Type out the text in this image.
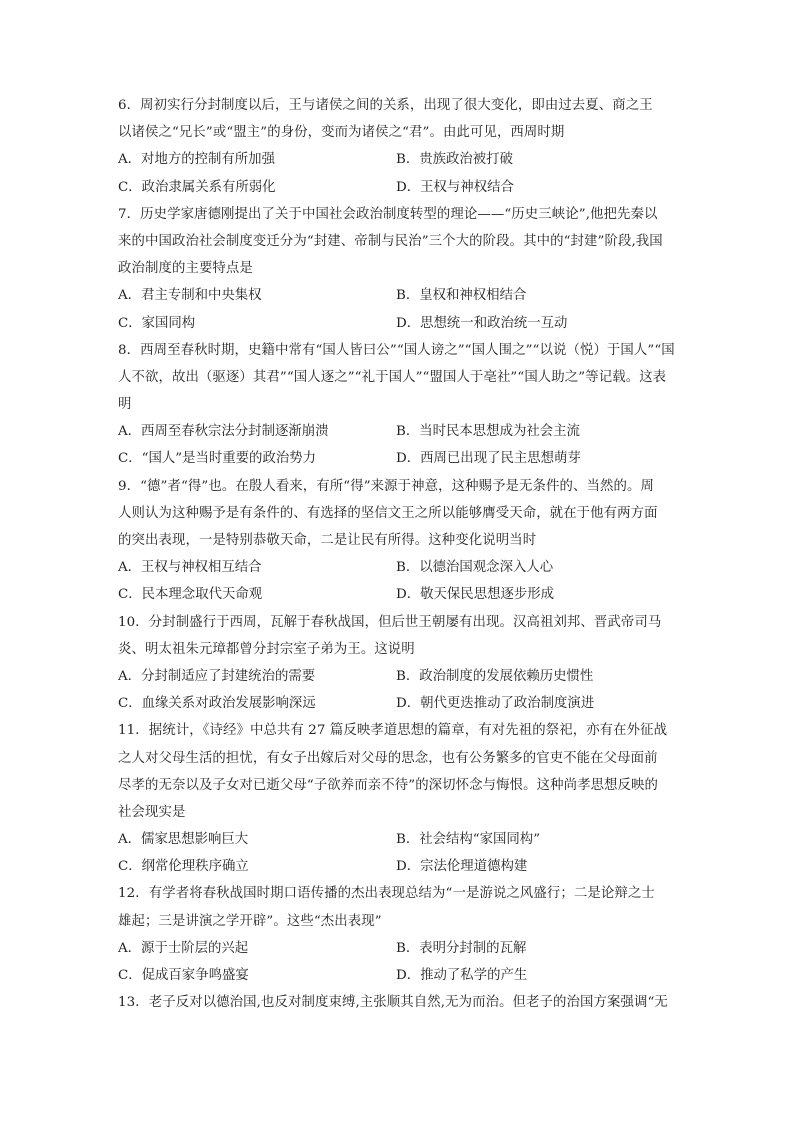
6．周初实行分封制度以后，王与诸侯之间的关系，出现了很大变化，即由过去夏、商之王
以诸侯之“兄长”或“盟主”的身份，变而为诸侯之“君”。由此可见，西周时期
A．对地方的控制有所加强	B．贵族政治被打破
C．政治隶属关系有所弱化	D．王权与神权结合
7．历史学家唐德刚提出了关于中国社会政治制度转型的理论——“历史三峡论”,他把先秦以
来的中国政治社会制度变迁分为“封建、帝制与民治”三个大的阶段。其中的“封建”阶段,我国
政治制度的主要特点是
A．君主专制和中央集权	B．皇权和神权相结合
C．家国同构	D．思想统一和政治统一互动
8．西周至春秋时期，史籍中常有“国人皆曰公”“国人谤之”“国人围之”“以说（悦）于国人”“国
人不欲，故出（驱逐）其君”“国人逐之”“礼于国人”“盟国人于亳社”“国人助之”等记载。这表
明
A．西周至春秋宗法分封制逐渐崩溃	B．当时民本思想成为社会主流
C．“国人”是当时重要的政治势力	D．西周已出现了民主思想萌芽
9．“德”者“得”也。在殷人看来，有所“得”来源于神意，这种赐予是无条件的、当然的。周
人则认为这种赐予是有条件的、有选择的坚信文王之所以能够膺受天命，就在于他有两方面
的突出表现，一是特别恭敬天命，二是让民有所得。这种变化说明当时
A．王权与神权相互结合	B．以德治国观念深入人心
C．民本理念取代天命观	D．敬天保民思想逐步形成
10．分封制盛行于西周，瓦解于春秋战国，但后世王朝屡有出现。汉高祖刘邦、晋武帝司马
炎、明太祖朱元璋都曾分封宗室子弟为王。这说明
A．分封制适应了封建统治的需要	B．政治制度的发展依赖历史惯性
C．血缘关系对政治发展影响深远	D．朝代更迭推动了政治制度演进
11．据统计，《诗经》中总共有 27 篇反映孝道思想的篇章，有对先祖的祭祀，亦有在外征战
之人对父母生活的担忧，有女子出嫁后对父母的思念，也有公务繁多的官吏不能在父母面前
尽孝的无奈以及子女对已逝父母“子欲养而亲不待”的深切怀念与悔恨。这种尚孝思想反映的
社会现实是
A．儒家思想影响巨大	B．社会结构“家国同构”
C．纲常伦理秩序确立	D．宗法伦理道德构建
12．有学者将春秋战国时期口语传播的杰出表现总结为“一是游说之风盛行；二是论辩之士
雄起；三是讲演之学开辟”。这些“杰出表现”
A．源于士阶层的兴起	B．表明分封制的瓦解
C．促成百家争鸣盛宴	D．推动了私学的产生
13．老子反对以德治国,也反对制度束缚,主张顺其自然,无为而治。但老子的治国方案强调“无
